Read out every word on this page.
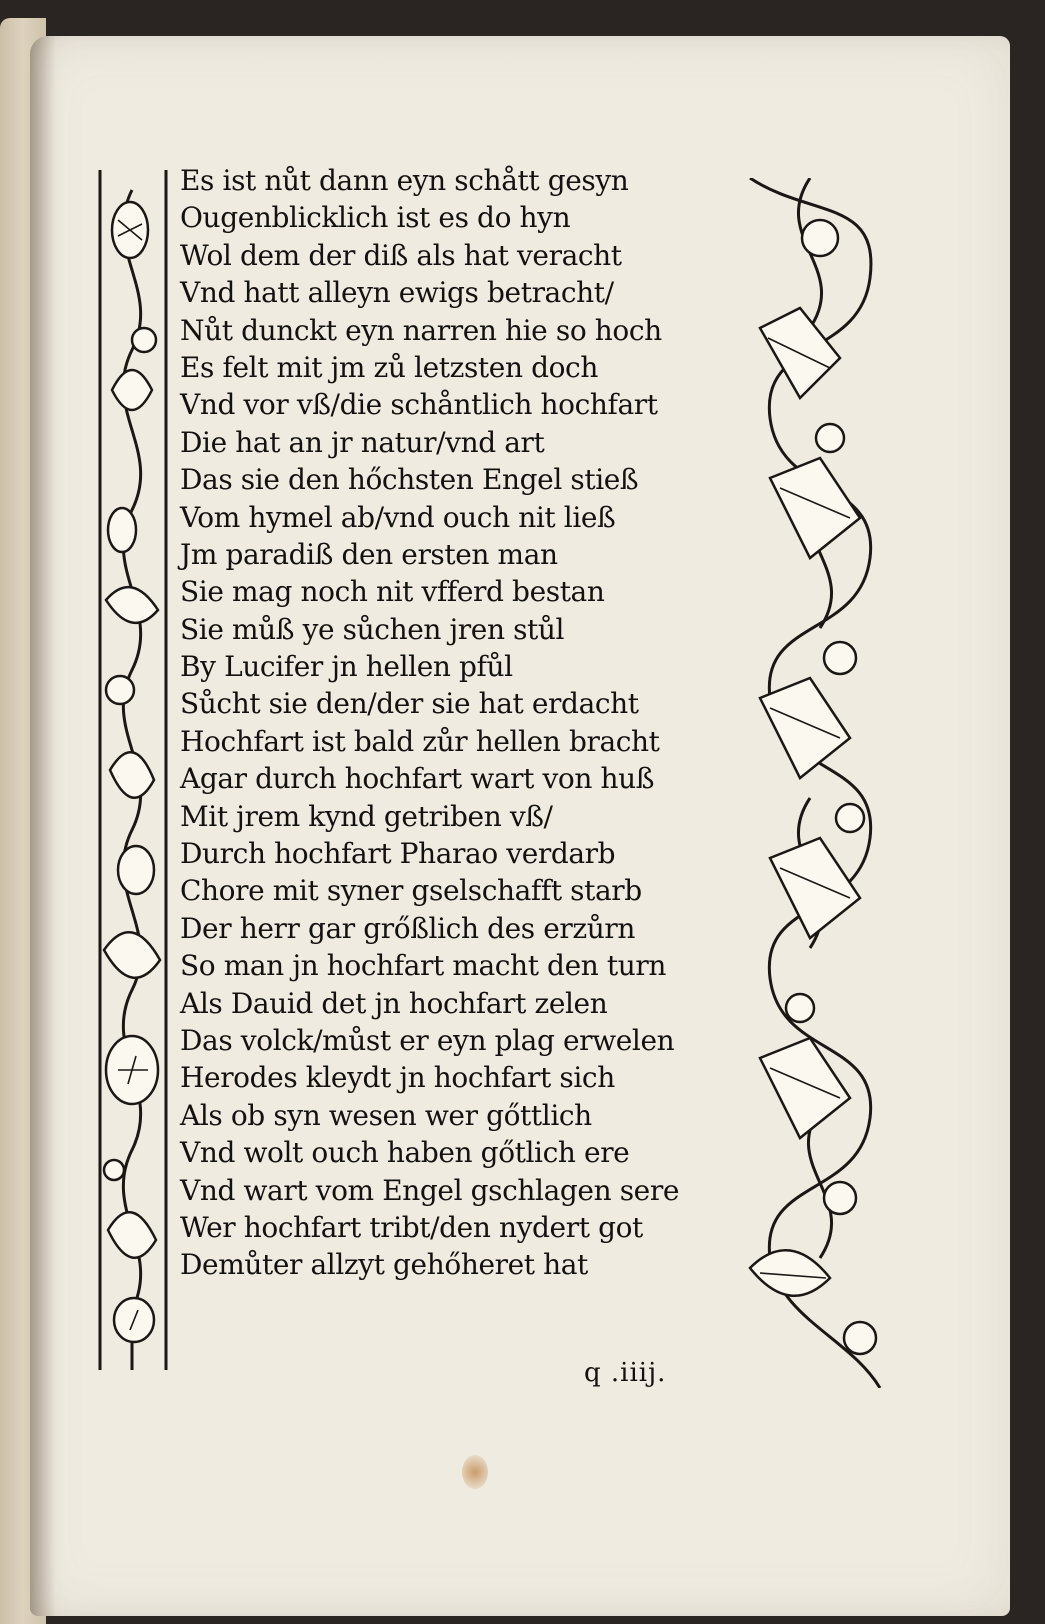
Es ist nůt dann eyn schått gesyn
Ougenblicklich ist es do hyn
Wol dem der diß als hat veracht
Vnd hatt alleyn ewigs betracht/
Nůt dunckt eyn narren hie so hoch
Es felt mit jm zů letzsten doch
Vnd vor vß/die schåntlich hochfart
Die hat an jr natur/vnd art
Das sie den hőchsten Engel stieß
Vom hymel ab/vnd ouch nit ließ
Jm paradiß den ersten man
Sie mag noch nit vfferd bestan
Sie můß ye sůchen jren stůl
By Lucifer jn hellen pfůl
Sůcht sie den/der sie hat erdacht
Hochfart ist bald zůr hellen bracht
Agar durch hochfart wart von huß
Mit jrem kynd getriben vß/
Durch hochfart Pharao verdarb
Chore mit syner gselschafft starb
Der herr gar grőßlich des erzůrn
So man jn hochfart macht den turn
Als Dauid det jn hochfart zelen
Das volck/můst er eyn plag erwelen
Herodes kleydt jn hochfart sich
Als ob syn wesen wer gőttlich
Vnd wolt ouch haben gőtlich ere
Vnd wart vom Engel gschlagen sere
Wer hochfart tribt/den nydert got
Demůter allzyt gehőheret hat
q .iiij.
